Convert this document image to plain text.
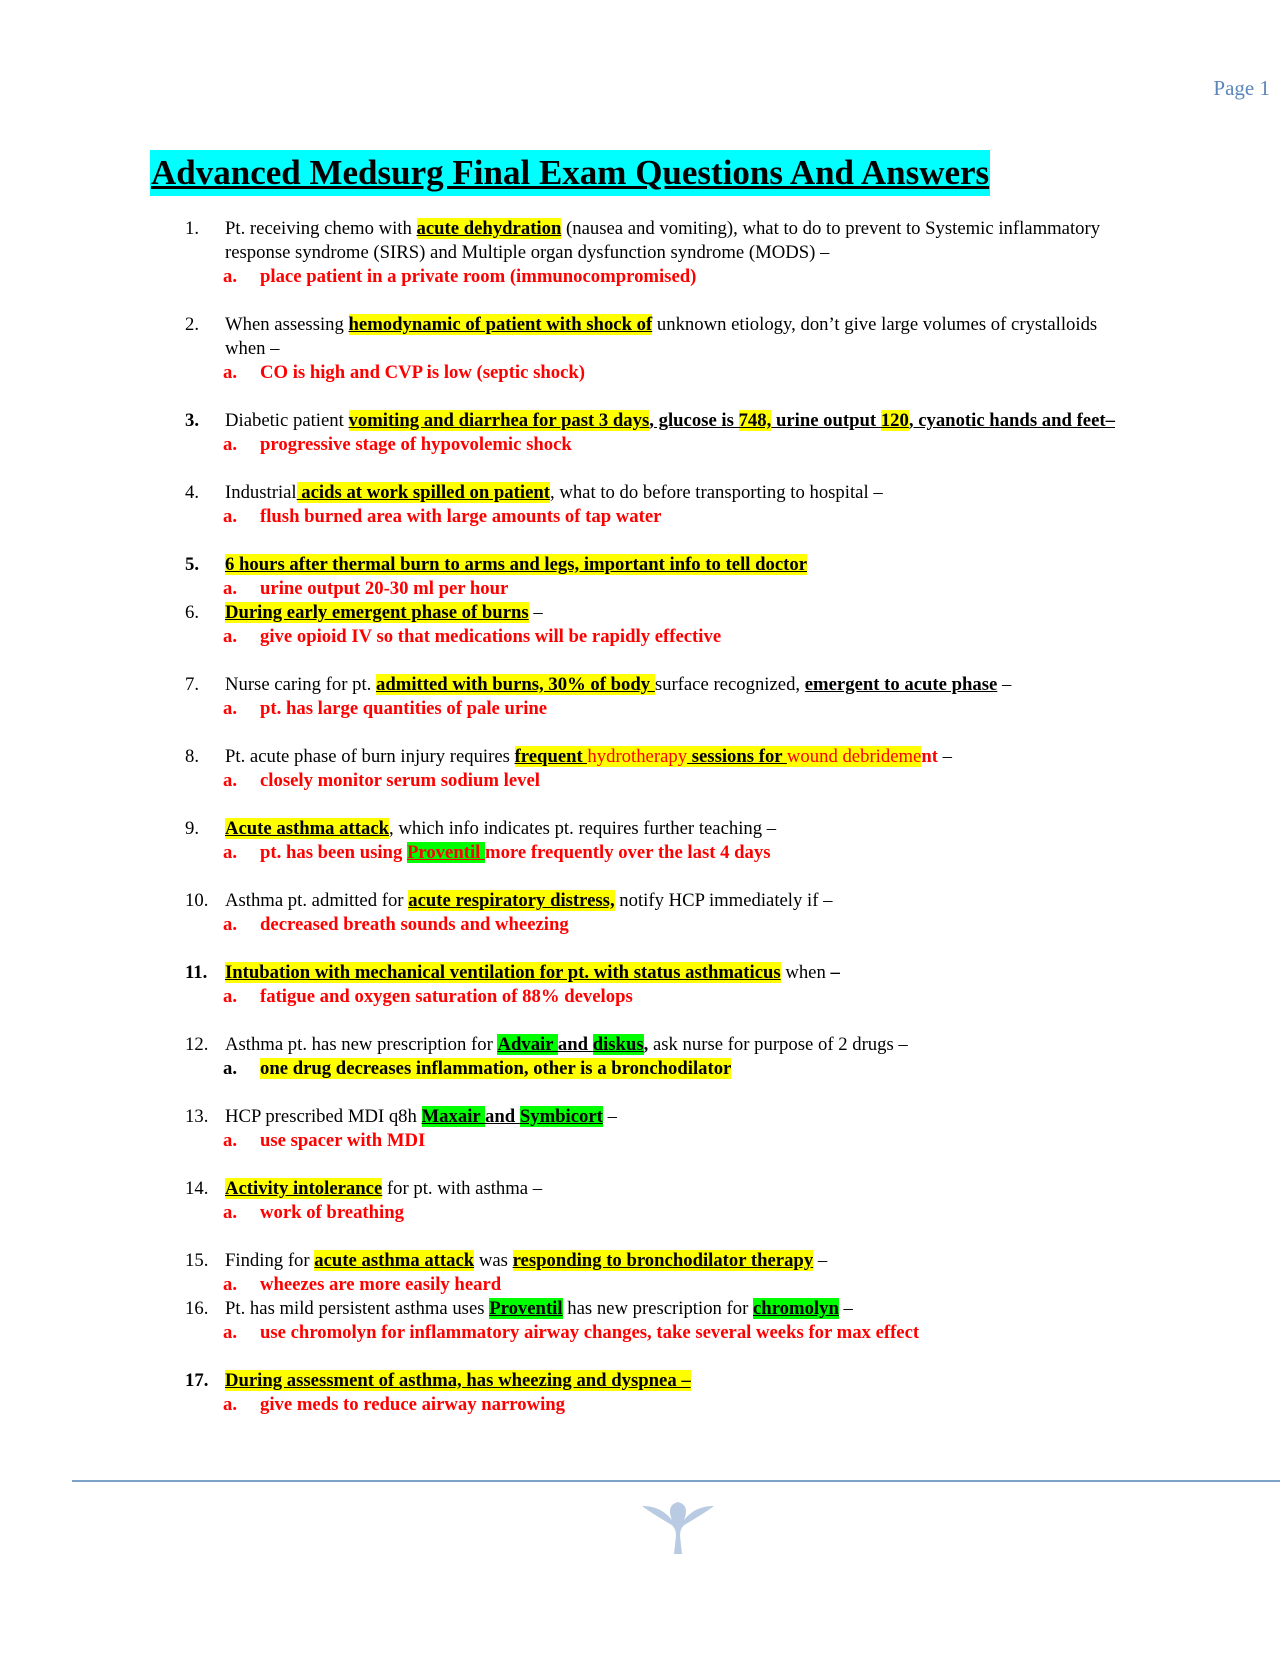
Page 1
Advanced Medsurg Final Exam Questions And Answers
1.	Pt. receiving chemo with acute dehydration (nausea and vomiting), what to do to prevent to Systemic inflammatory response syndrome (SIRS) and Multiple organ dysfunction syndrome (MODS) –
a. place patient in a private room (immunocompromised)
2.	When assessing hemodynamic of patient with shock of unknown etiology, don’t give large volumes of crystalloids when –
a. CO is high and CVP is low (septic shock)
3.	Diabetic patient vomiting and diarrhea for past 3 days, glucose is 748, urine output 120, cyanotic hands and feet–
a. progressive stage of hypovolemic shock
4.	Industrial acids at work spilled on patient, what to do before transporting to hospital –
a. flush burned area with large amounts of tap water
5.	6 hours after thermal burn to arms and legs, important info to tell doctor
a. urine output 20-30 ml per hour
6.	During early emergent phase of burns –
a. give opioid IV so that medications will be rapidly effective
7.	Nurse caring for pt. admitted with burns, 30% of body surface recognized, emergent to acute phase –
a. pt. has large quantities of pale urine
8.	Pt. acute phase of burn injury requires frequent hydrotherapy sessions for wound debridement –
a. closely monitor serum sodium level
9.	Acute asthma attack, which info indicates pt. requires further teaching –
a. pt. has been using Proventil more frequently over the last 4 days
10. Asthma pt. admitted for acute respiratory distress, notify HCP immediately if –
a. decreased breath sounds and wheezing
11. Intubation with mechanical ventilation for pt. with status asthmaticus when –
a. fatigue and oxygen saturation of 88% develops
12. Asthma pt. has new prescription for Advair and diskus, ask nurse for purpose of 2 drugs –
a. one drug decreases inflammation, other is a bronchodilator
13. HCP prescribed MDI q8h Maxair and Symbicort –
a. use spacer with MDI
14. Activity intolerance for pt. with asthma –
a. work of breathing
15. Finding for acute asthma attack was responding to bronchodilator therapy –
a. wheezes are more easily heard
16. Pt. has mild persistent asthma uses Proventil has new prescription for chromolyn –
a. use chromolyn for inflammatory airway changes, take several weeks for max effect
17. During assessment of asthma, has wheezing and dyspnea –
a. give meds to reduce airway narrowing
